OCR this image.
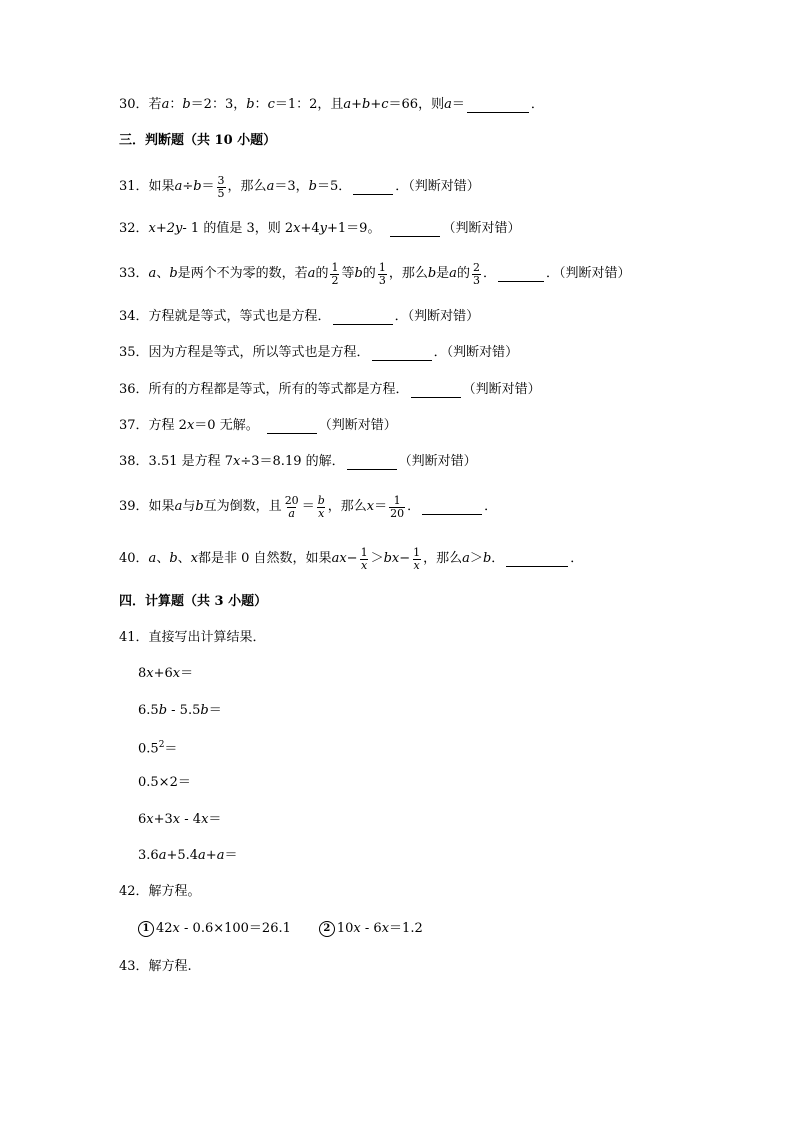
30． 若 a ： b ＝2：3， b ： c ＝1：2，且 a+b+c ＝66，则 a ＝	．
三．判断题（共 10 小题）
31． 如果 $a\div b = \frac{3}{5}$ ，那么 a ＝3， b ＝5．	．（判断对错）
32． x+2y - 1 的值是 3，则 2 x +4 y +1＝9。	（判断对错）
33． a 、 b 是两个不为零的数，若 a 的 $\frac{1}{2}$ 等 b 的 $\frac{1}{3}$ ，那么 b 是 a 的 $\frac{2}{3}$ ．	．（判断对错）
34． 方程就是等式，等式也是方程．	．（判断对错）
35． 因为方程是等式，所以等式也是方程．	．（判断对错）
36． 所有的方程都是等式，所有的等式都是方程．	（判断对错）
37． 方程 2 x ＝0 无解。	（判断对错）
38． 3.51 是方程 7 x ÷3＝8.19 的解．	（判断对错）
39． 如果 a 与 b 互为倒数，且 $\frac{20}{a} = \frac{b}{x}$ ，那么 $x = \frac{1}{20}$ ．	．
40． a 、 b 、 x 都是非 0 自然数，如果 ax − $\frac{1}{x}$ ＞ bx − $\frac{1}{x}$ ，那么 a ＞ b ．	．
四．计算题（共 3 小题）
41． 直接写出计算结果．
8x+6x＝
6.5b - 5.5b＝
$0.5^2=$
0.5×2＝
6x+3x - 4x＝
3.6a+5.4a+a＝
42． 解方程。
1 42x - 0.6×100＝26.1	2 10x - 6x＝1.2
43． 解方程.
